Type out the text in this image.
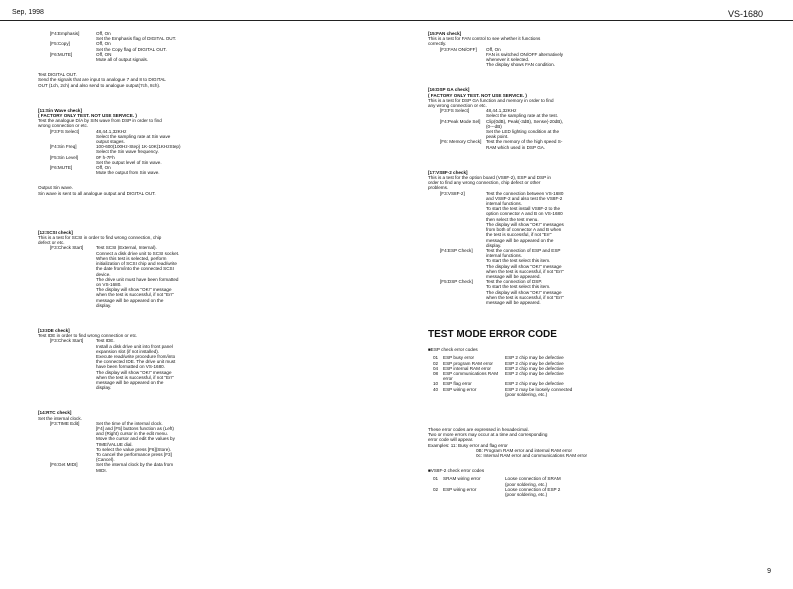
Sep, 1998	VS-1680
[F4:Emphasis]	Off, On
Set the Emphasis flag of DIGITAL OUT.
[F5:Copy]	Off, On
Set the Copy flag of DIGITAL OUT.
[F6:MUTE]	Off, ON
Mute all of output signals.
Test DIGITAL OUT.
Send the signals that are input to analogue 7 and 8 to DIGITAL
OUT (1ch, 2ch) and also send to analogue output(7ch, 8ch).
[11:Sin Wave check]
( FACTORY ONLY TEST. NOT USE SERVICE. )
Test the analogue D/A by SIN wave from DSP in order to find
wrong connection or etc.
[F3:FS Select]	48,44.1,32KHz
Select the sampling rate at Sin wave
output stages.
[F4:Sin Freq]	100-600(100Hz-Step) 1K-10K(1KHzStep)
Select the Sin wave frequency.
[F5:Sin Level]	0F h-7Fh
Set the output level of Sin wave.
[F6:MUTE]	Off, On
Mute the output from Sin wave.
Output Sin wave.
Sin wave is sent to all analogue output and DIGITAL OUT.
[12:SCSI check]
This is a test for SCSI in order to find wrong connection, chip
defect or etc.
[F3:Check Start]	Test SCSI (External, Internal).
Connect a disk drive unit to SCSI socket.
When this test is selected, perform
initialization of SCSI chip and read/write
the date from/into the connected SCSI
device.
The drive unit must have been formatted
on VS-1680.
The display will show "OK!" message
when the test is successful, if not "Err"
message will be appeared on the
display.
[13:IDE check]
Test IDE in order to find wrong connection or etc.
[F3:Check Start]	Test IDE.
Install a disk drive unit into front panel
expansion slot (if not installed).
Execute read/write procedure from/into
the connected IDE. The drive unit must
have been formatted on VS-1680.
The display will show "OK!" message
when the test is successful, if not "Err"
message will be appeared on the
display.
[14:RTC check]
Set the internal clock.
[F3:TIME Edit]	Set the time of the internal clock.
[F4] and [F5] buttons function as (Left)
and (Right) cursor in the edit menu.
Move the cursor and edit the values by
TIME/VALUE dial.
To select the value press [F6](Store).
To cancel the performance press [F3]
(Cancel).
[F6:Get MIDI]	Set the internal clock by the data from
MIDI.
[15:FAN check]
This is a test for FAN control to see whether it functions
correctly.
[F3:FAN ON/OFF]	Off, On
FAN is switched ON/OFF alternatively
whenever it selected.
The display shows FAN condition.
[16:DSP GA check]
( FACTORY ONLY TEST. NOT USE SERVICE. )
This is a test for DSP GA function and memory in order to find
any wrong connection or etc.
[F3:FS Select]	48,44.1,32KHz
Select the sampling rate at the test.
[F4:Peak Mode Sel]	Clip(0dB), Peak(-3dB), Sense(-20dB),
(0---dB)
Set the LED lighting condition at the
peak point.
[F6: Memory Check]	Test the memory of the high speed S-
RAM which used in DSP GA.
[17:VS8F-2 check]
This is a test for the option board (VS8F-2), ESP and DSP in
order to find any wrong connection, chip defect or other
problems.
[F3:VS8F-2]	Test the connection between VS-1680
and VS8F-2 and also test the VS8F-2
internal functions.
To start the test install VS8F-2 to the
option connector A and B on VS-1680
then select the test menu.
The display will show "OK!" messages
from both of connector A and B when
the test is successful, if not "Err"
message will be appeared on the
display.
[F4:ESP Check]	Test the connection of ESP and ESP
internal functions.
To start the test select this item.
The display will show "OK!" message
when the test is successful, if not "Err"
message will be appeared.
[F5:DSP Check]	Test the connection of DSP.
To start the test select this item.
The display will show "OK!" message
when the test is successful, if not "Err"
message will be appeared.
TEST MODE ERROR CODE
■ESP check error codes
01	ESP busy error	ESP 2 chip may be defective
02	ESP program RAM error	ESP 2 chip may be defective
04	ESP internal RAM error	ESP 2 chip may be defective
08	ESP communications RAM error
ESP 2 chip may be defective
10	ESP flag error	ESP 2 chip may be defective
40	ESP wiring error	ESP 2 may be loosely connected
(poor soldering, etc.)
These error codes are expressed in hexadecimal.
Two or more errors may occur at a time and corresponding
error code will appear.
Examples: 11: Busy error and flag error
0B: Program RAM error and internal RAM error
0c: Internal RAM error and communications RAM error
■VS8F-2 check error codes
01	SRAM wiring error	Loose connection of SRAM
(poor soldering, etc.)
02	ESP wiring error	Loose connection of ESP 2
(poor soldering, etc.)
9
